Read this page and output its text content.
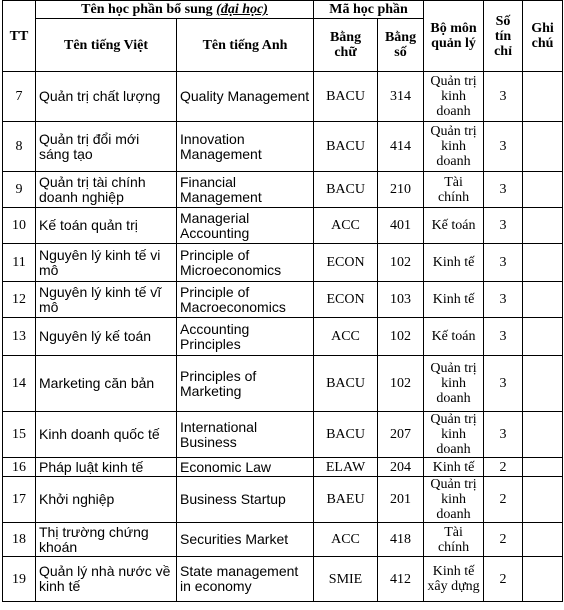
TT	Tên học phần bổ sung (đại học)		Mã học phần		Bộ môn quản lý	Số tín chỉ	Ghi chú
	Tên tiếng Việt	Tên tiếng Anh	Bằng chữ	Bằng số			
7	Quản trị chất lượng	Quality Management	BACU	314	Quản trị kinh doanh	3	
8	Quản trị đổi mới sáng tạo	Innovation Management	BACU	414	Quản trị kinh doanh	3	
9	Quản trị tài chính doanh nghiệp	Financial Management	BACU	210	Tài chính	3	
10	Kế toán quản trị	Managerial Accounting	ACC	401	Kế toán	3	
11	Nguyên lý kinh tế vi mô	Principle of Microeconomics	ECON	102	Kinh tế	3	
12	Nguyên lý kinh tế vĩ mô	Principle of Macroeconomics	ECON	103	Kinh tế	3	
13	Nguyên lý kế toán	Accounting Principles	ACC	102	Kế toán	3	
14	Marketing căn bản	Principles of Marketing	BACU	102	Quản trị kinh doanh	3	
15	Kinh doanh quốc tế	International Business	BACU	207	Quản trị kinh doanh	3	
16	Pháp luật kinh tế	Economic Law	ELAW	204	Kinh tế	2	
17	Khởi nghiệp	Business Startup	BAEU	201	Quản trị kinh doanh	2	
18	Thị trường chứng khoán	Securities Market	ACC	418	Tài chính	2	
19	Quản lý nhà nước về kinh tế	State management in economy	SMIE	412	Kinh tế xây dựng	2	
